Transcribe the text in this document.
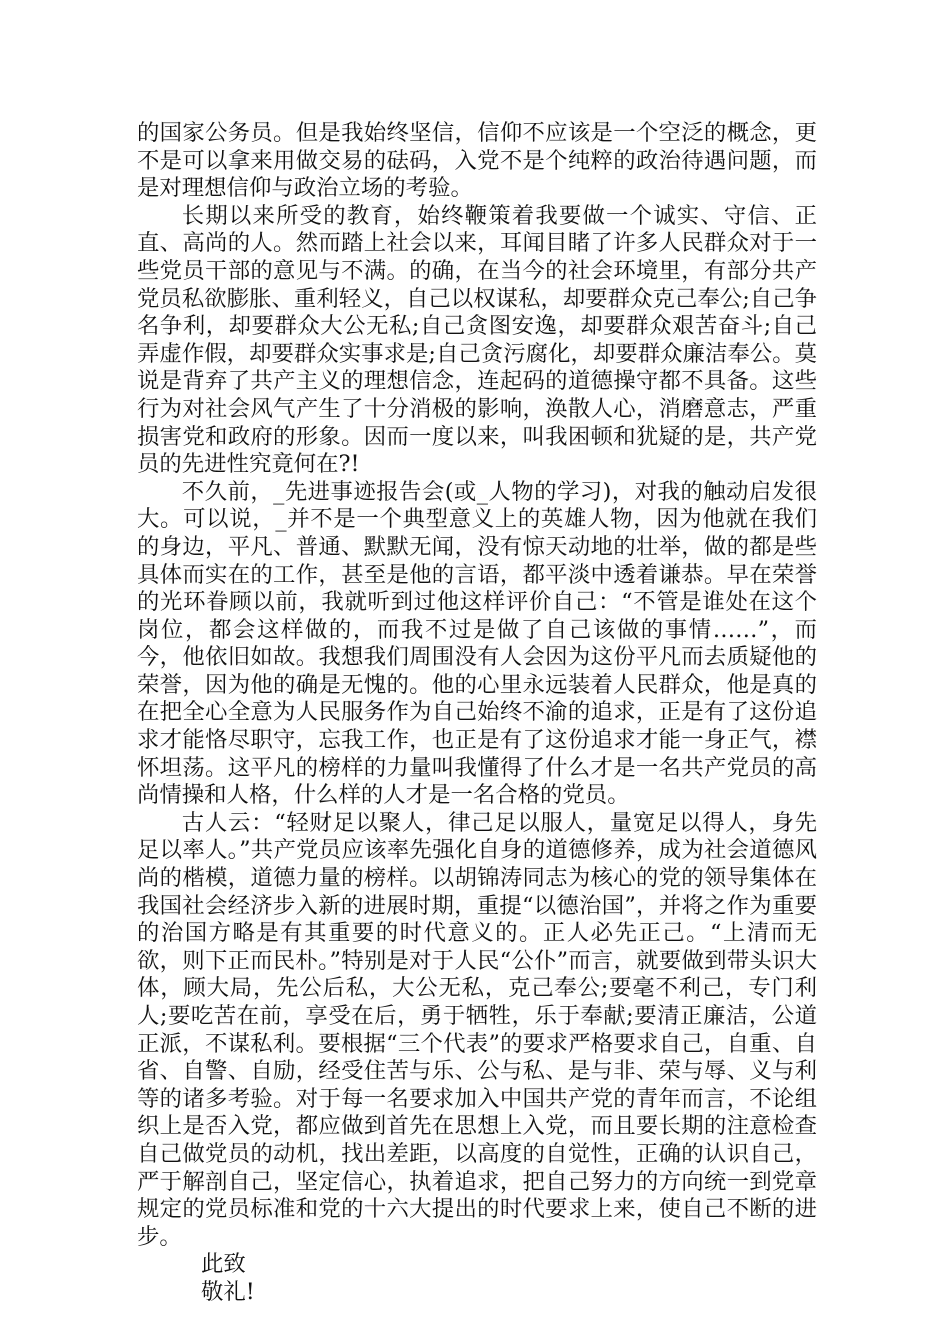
的国家公务员。但是我始终坚信，信仰不应该是一个空泛的概念，更不是可以拿来用做交易的砝码，入党不是个纯粹的政治待遇问题，而是对理想信仰与政治立场的考验。

长期以来所受的教育，始终鞭策着我要做一个诚实、守信、正直、高尚的人。然而踏上社会以来，耳闻目睹了许多人民群众对于一些党员干部的意见与不满。的确，在当今的社会环境里，有部分共产党员私欲膨胀、重利轻义，自己以权谋私，却要群众克己奉公;自己争名争利，却要群众大公无私;自己贪图安逸，却要群众艰苦奋斗;自己弄虚作假，却要群众实事求是;自己贪污腐化，却要群众廉洁奉公。莫说是背弃了共产主义的理想信念，连起码的道德操守都不具备。这些行为对社会风气产生了十分消极的影响，涣散人心，消磨意志，严重损害党和政府的形象。因而一度以来，叫我困顿和犹疑的是，共产党员的先进性究竟何在?!

不久前，_先进事迹报告会(或_人物的学习)，对我的触动启发很大。可以说，_并不是一个典型意义上的英雄人物，因为他就在我们的身边，平凡、普通、默默无闻，没有惊天动地的壮举，做的都是些具体而实在的工作，甚至是他的言语，都平淡中透着谦恭。早在荣誉的光环眷顾以前，我就听到过他这样评价自己：“不管是谁处在这个岗位，都会这样做的，而我不过是做了自己该做的事情……”，而今，他依旧如故。我想我们周围没有人会因为这份平凡而去质疑他的荣誉，因为他的确是无愧的。他的心里永远装着人民群众，他是真的在把全心全意为人民服务作为自己始终不渝的追求，正是有了这份追求才能恪尽职守，忘我工作，也正是有了这份追求才能一身正气，襟怀坦荡。这平凡的榜样的力量叫我懂得了什么才是一名共产党员的高尚情操和人格，什么样的人才是一名合格的党员。

古人云：“轻财足以聚人，律己足以服人，量宽足以得人，身先足以率人。”共产党员应该率先强化自身的道德修养，成为社会道德风尚的楷模，道德力量的榜样。以胡锦涛同志为核心的党的领导集体在我国社会经济步入新的进展时期，重提“以德治国”，并将之作为重要的治国方略是有其重要的时代意义的。正人必先正己。“上清而无欲，则下正而民朴。”特别是对于人民“公仆”而言，就要做到带头识大体，顾大局，先公后私，大公无私，克己奉公;要毫不利己，专门利人;要吃苦在前，享受在后，勇于牺牲，乐于奉献;要清正廉洁，公道正派，不谋私利。要根据“三个代表”的要求严格要求自己，自重、自省、自警、自励，经受住苦与乐、公与私、是与非、荣与辱、义与利等的诸多考验。对于每一名要求加入中国共产党的青年而言，不论组织上是否入党，都应做到首先在思想上入党，而且要长期的注意检查自己做党员的动机，找出差距，以高度的自觉性，正确的认识自己，严于解剖自己，坚定信心，执着追求，把自己努力的方向统一到党章规定的党员标准和党的十六大提出的时代要求上来，使自己不断的进步。

此致

敬礼!
